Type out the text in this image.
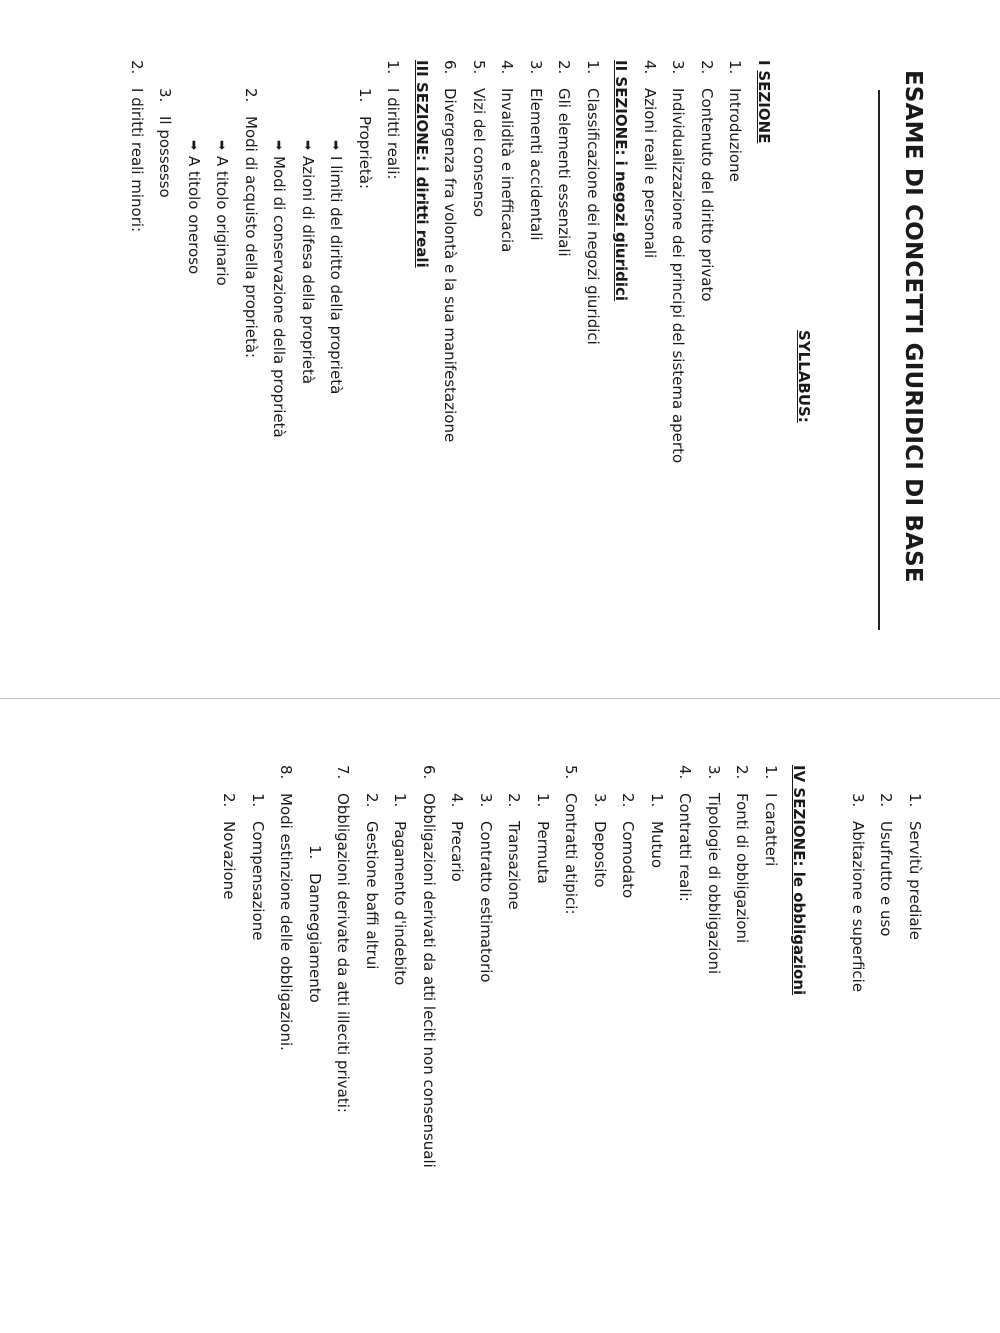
ESAME DI CONCETTI GIURIDICI DI BASE
SYLLABUS:
I

SEZIONE
1.
Introduzione
2.
Contenuto del diritto privato
3.
Individualizzazione dei principi del sistema aperto
4.
Azioni reali e personali
II SEZIONE: i negozi giuridici
1.
Classificazione dei negozi giuridici
2.
Gli elementi essenziali
3.
Elementi accidentali
4.
Invalidità e inefficacia
5.
Vizi del consenso
6.
Divergenza fra volontà e la sua manifestazione
III SEZIONE: i diritti reali
1.
I diritti reali:
1.
Proprietà:
➡
I limiti del diritto della proprietà
➡
Azioni di difesa della proprietà
➡
Modi di conservazione della proprietà
2.
Modi di acquisto della proprietà:
➡
A titolo originario
➡
A titolo oneroso
3.
Il possesso
2.
I diritti reali minori:
1.
Servitù prediale
2.
Usufrutto e uso
3.
Abitazione e superficie
IV SEZIONE: le obbligazioni
1.
I caratteri
2.
Fonti di obbligazioni
3.
Tipologie di obbligazioni
4.
Contratti reali:
1.
Mutuo
2.
Comodato
3.
Deposito
5.
Contratti atipici:
1.
Permuta
2.
Transazione
3.
Contratto estimatorio
4.
Precario
6.
Obbligazioni derivati da atti leciti non consensuali
1.
Pagamento d'indebito
2.
Gestione baffi altrui
7.
Obbligazioni derivate da atti illeciti privati:
1.
Danneggiamento
8.
Modi estinzione delle obbligazioni.
1.
Compensazione
2.
Novazione
